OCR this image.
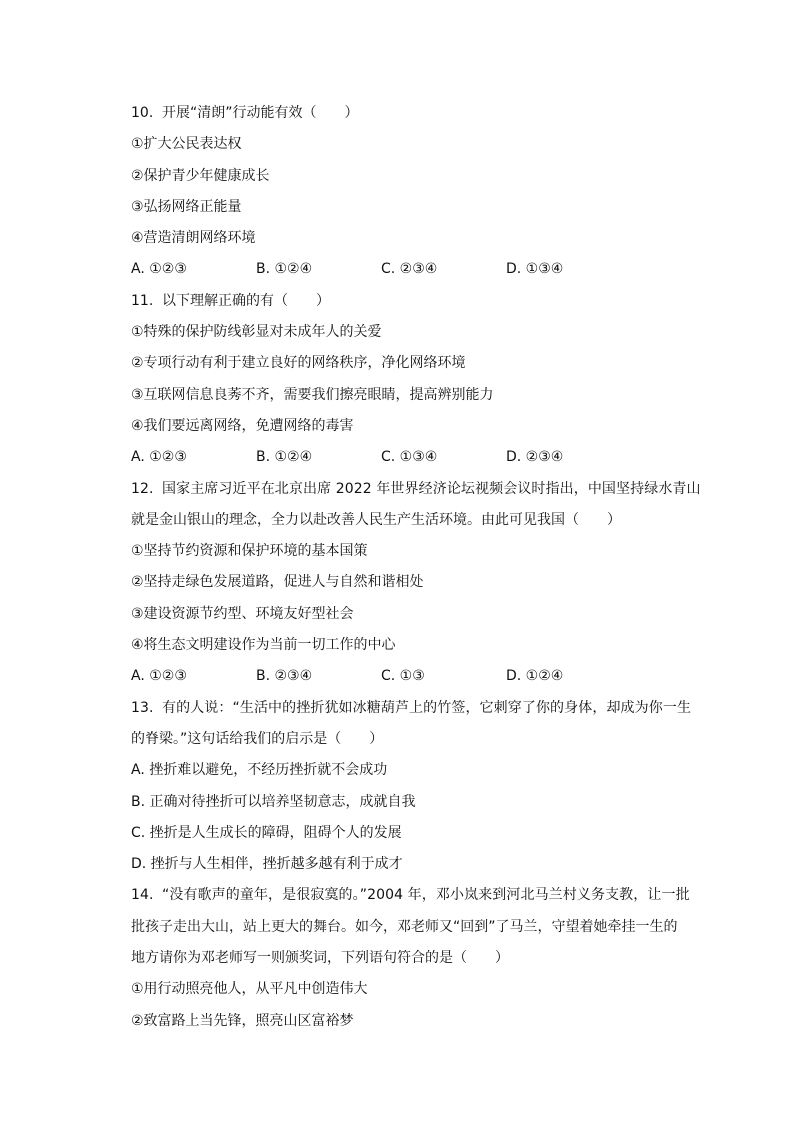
10. 开展“清朗”行动能有效（　　）
①扩大公民表达权
②保护青少年健康成长
③弘扬网络正能量
④营造清朗网络环境
A. ①②③	B. ①②④	C. ②③④	D. ①③④
11. 以下理解正确的有（　　）
①特殊的保护防线彰显对未成年人的关爱
②专项行动有利于建立良好的网络秩序，净化网络环境
③互联网信息良莠不齐，需要我们擦亮眼睛，提高辨别能力
④我们要远离网络，免遭网络的毒害
A. ①②③	B. ①②④	C. ①③④	D. ②③④
12. 国家主席习近平在北京出席 2022 年世界经济论坛视频会议时指出，中国坚持绿水青山
就是金山银山的理念，全力以赴改善人民生产生活环境。由此可见我国（　　）
①坚持节约资源和保护环境的基本国策
②坚持走绿色发展道路，促进人与自然和谐相处
③建设资源节约型、环境友好型社会
④将生态文明建设作为当前一切工作的中心
A. ①②③	B. ②③④	C. ①③	D. ①②④
13. 有的人说：“生活中的挫折犹如冰糖葫芦上的竹签，它刺穿了你的身体，却成为你一生
的脊梁。”这句话给我们的启示是（　　）
A. 挫折难以避免，不经历挫折就不会成功
B. 正确对待挫折可以培养坚韧意志，成就自我
C. 挫折是人生成长的障碍，阻碍个人的发展
D. 挫折与人生相伴，挫折越多越有利于成才
14. “没有歌声的童年，是很寂寞的。”2004 年，邓小岚来到河北马兰村义务支教，让一批
批孩子走出大山，站上更大的舞台。如今，邓老师又“回到”了马兰，守望着她牵挂一生的
地方请你为邓老师写一则颁奖词，下列语句符合的是（　　）
①用行动照亮他人，从平凡中创造伟大
②致富路上当先锋，照亮山区富裕梦
